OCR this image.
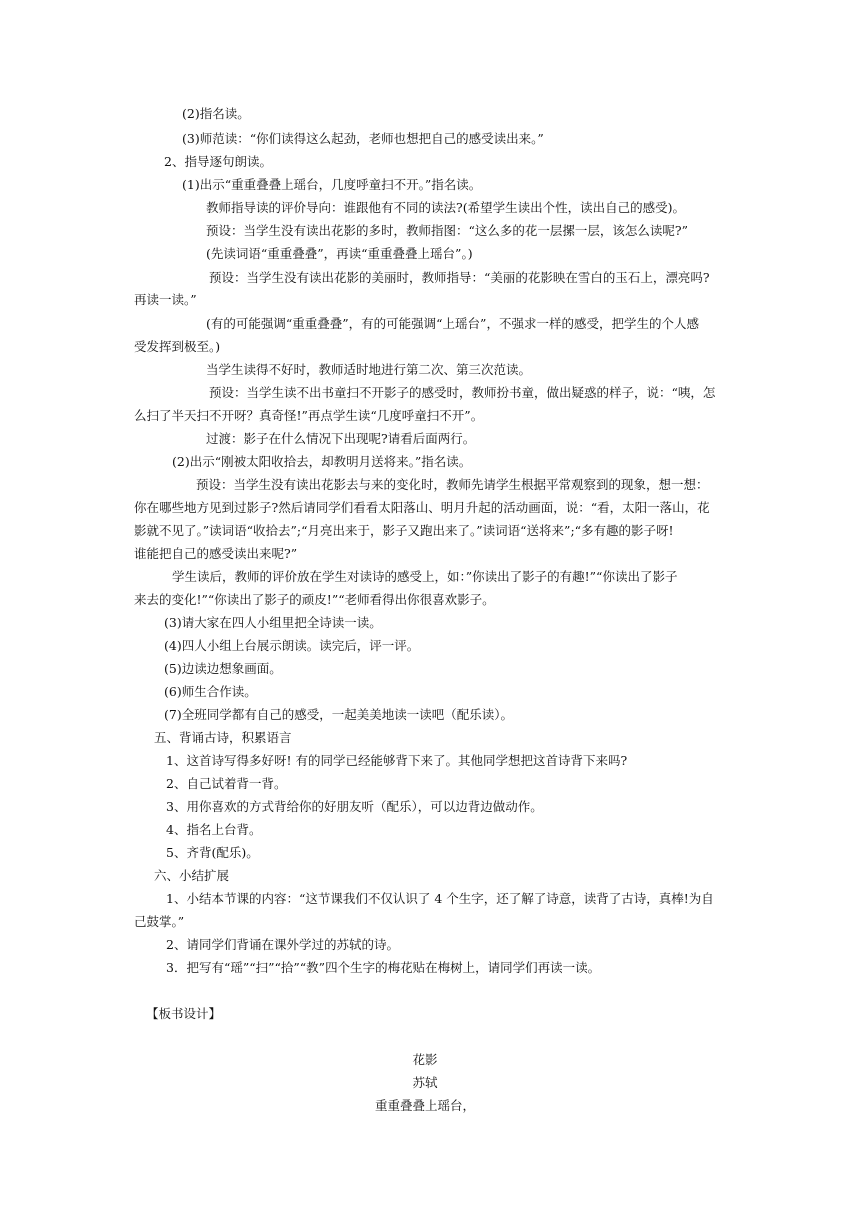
(2)指名读。
(3)师范读：“你们读得这么起劲，老师也想把自己的感受读出来。”
2、指导逐句朗读。
(1)出示“重重叠叠上瑶台，几度呼童扫不开。”指名读。
教师指导读的评价导向：谁跟他有不同的读法?(希望学生读出个性，读出自己的感受)。
预设：当学生没有读出花影的多时，教师指图：“这么多的花一层摞一层，该怎么读呢?”
(先读词语“重重叠叠”，再读“重重叠叠上瑶台”。)
预设：当学生没有读出花影的美丽时，教师指导：“美丽的花影映在雪白的玉石上，漂亮吗?
再读一读。”
(有的可能强调“重重叠叠”，有的可能强调“上瑶台”，不强求一样的感受，把学生的个人感
受发挥到极至。)
当学生读得不好时，教师适时地进行第二次、第三次范读。
预设：当学生读不出书童扫不开影子的感受时，教师扮书童，做出疑惑的样子，说：“咦，怎
么扫了半天扫不开呀？真奇怪!”再点学生读“几度呼童扫不开”。
过渡：影子在什么情况下出现呢?请看后面两行。
(2)出示“刚被太阳收拾去，却教明月送将来。”指名读。
预设：当学生没有读出花影去与来的变化时，教师先请学生根据平常观察到的现象，想一想：
你在哪些地方见到过影子?然后请同学们看看太阳落山、明月升起的活动画面，说：“看，太阳一落山，花
影就不见了。”读词语“收拾去”;“月亮出来于，影子又跑出来了。”读词语“送将来”;“多有趣的影子呀!
谁能把自己的感受读出来呢?”
学生读后，教师的评价放在学生对读诗的感受上，如：”你读出了影子的有趣!”“你读出了影子
来去的变化!”“你读出了影子的顽皮!”“老师看得出你很喜欢影子。
(3)请大家在四人小组里把全诗读一读。
(4)四人小组上台展示朗读。读完后，评一评。
(5)边读边想象画面。
(6)师生合作读。
(7)全班同学都有自己的感受，一起美美地读一读吧（配乐读）。
五、背诵古诗，积累语言
1、这首诗写得多好呀! 有的同学已经能够背下来了。其他同学想把这首诗背下来吗?
2、自己试着背一背。
3、用你喜欢的方式背给你的好朋友听（配乐），可以边背边做动作。
4、指名上台背。
5、齐背(配乐)。
六、小结扩展
1、小结本节课的内容：“这节课我们不仅认识了 4 个生字，还了解了诗意，读背了古诗，真棒!为自
己鼓掌。”
2、请同学们背诵在课外学过的苏轼的诗。
3．把写有“瑶”“扫”“拾”“教”四个生字的梅花贴在梅树上，请同学们再读一读。
【板书设计】
花影
苏轼
重重叠叠上瑶台，
